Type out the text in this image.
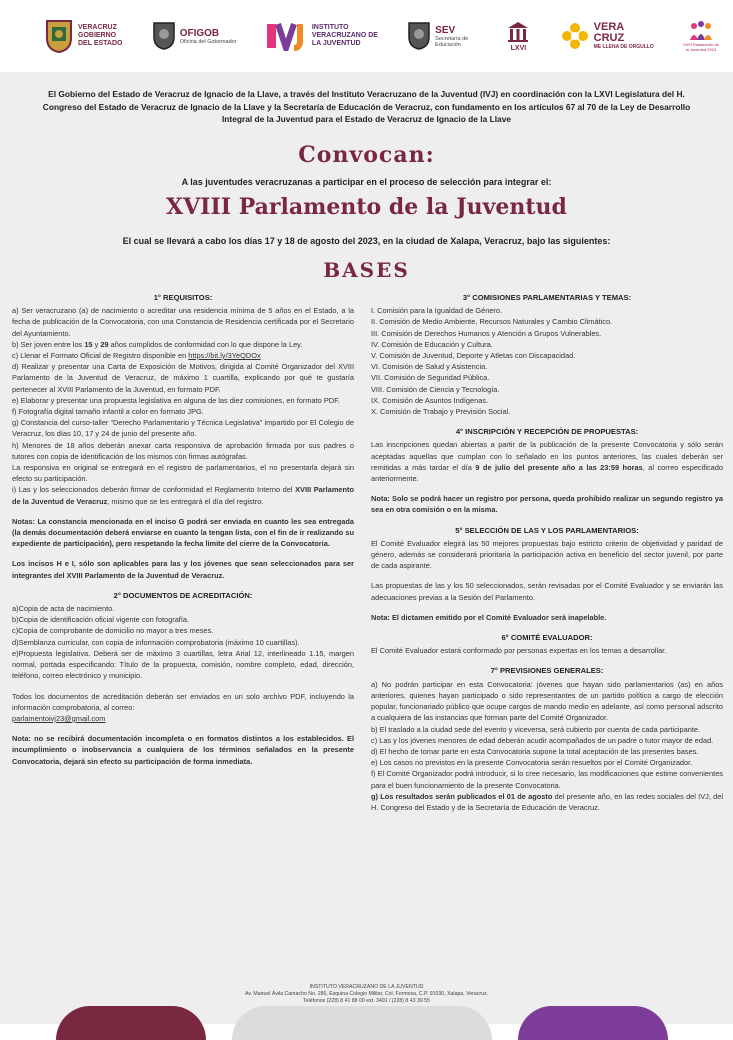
VERACRUZ
GOBIERNO
DEL ESTADO
OFIGOB
Oficina del Gobernador
INSTITUTO
VERACRUZANO DE
LA JUVENTUD
SEV
Secretaría de Educación	LXVI
VERA
CRUZ
ME LLENA DE ORGULLO	XVIII Parlamento de la Juventud 2023
El Gobierno del Estado de Veracruz de Ignacio de la Llave, a través del Instituto Veracruzano de la Juventud (IVJ) en coordinación con la LXVI Legislatura del H. Congreso del Estado de Veracruz de Ignacio de la Llave y la Secretaría de Educación de Veracruz, con fundamento en los artículos 67 al 70 de la Ley de Desarrollo Integral de la Juventud para el Estado de Veracruz de Ignacio de la Llave
Convocan:
A las juventudes veracruzanas a participar en el proceso de selección para integrar el:
XVIII Parlamento de la Juventud
El cual se llevará a cabo los días 17 y 18 de agosto del 2023, en la ciudad de Xalapa, Veracruz, bajo las siguientes:
BASES
1° REQUISITOS:

a) Ser veracruzano (a) de nacimiento o acreditar una residencia mínima de 5 años en el Estado, a la fecha de publicación de la Convocatoria, con una Constancia de Residencia certificada por el Secretario del Ayuntamiento.

b) Ser joven entre los 15 y 29 años cumplidos de conformidad con lo que dispone la Ley.

c) Llenar el Formato Oficial de Registro disponible en https://bit.ly/3YeQDOx

d) Realizar y presentar una Carta de Exposición de Motivos, dirigida al Comité Organizador del XVIII Parlamento de la Juventud de Veracruz, de máximo 1 cuartilla, explicando por qué te gustaría pertenecer al XVIII Parlamento de la Juventud, en formato PDF.

e) Elaborar y presentar una propuesta legislativa en alguna de las diez comisiones, en formato PDF.

f) Fotografía digital tamaño infantil a color en formato JPG.

g) Constancia del curso-taller “Derecho Parlamentario y Técnica Legislativa” impartido por El Colegio de Veracruz, los días 10, 17 y 24 de junio del presente año.

h) Menores de 18 años deberán anexar carta responsiva de aprobación firmada por sus padres o tutores con copia de identificación de los mismos con firmas autógrafas.

La responsiva en original se entregará en el registro de parlamentarios, el no presentarla dejará sin efecto su participación.

i) Las y los seleccionados deberán firmar de conformidad el Reglamento Interno del XVIII Parlamento de la Juventud de Veracruz, mismo que se les entregará el día del registro.

Notas: La constancia mencionada en el inciso G podrá ser enviada en cuanto les sea entregada (la demás documentación deberá enviarse en cuanto la tengan lista, con el fin de ir realizando su expediente de participación), pero respetando la fecha límite del cierre de la Convocatoria.

Los incisos H e I, sólo son aplicables para las y los jóvenes que sean seleccionados para ser integrantes del XVIII Parlamento de la Juventud de Veracruz.

2° DOCUMENTOS DE ACREDITACIÓN:

a)Copia de acta de nacimiento.

b)Copia de identificación oficial vigente con fotografía.

c)Copia de comprobante de domicilio no mayor a tres meses.

d)Semblanza curricular, con copia de información comprobatoria (máximo 10 cuartillas).

e)Propuesta legislativa. Deberá ser de máximo 3 cuartillas, letra Arial 12, interlineado 1.15, margen normal, portada especificando: Título de la propuesta, comisión, nombre completo, edad, dirección, teléfono, correo electrónico y municipio.

Todos los documentos de acreditación deberán ser enviados en un solo archivo PDF, incluyendo la información comprobatoria, al correo:

parlamentoivj23@gmail.com

Nota: no se recibirá documentación incompleta o en formatos distintos a los establecidos. El incumplimiento o inobservancia a cualquiera de los términos señalados en la presente Convocatoria, dejará sin efecto su participación de forma inmediata.

3° COMISIONES PARLAMENTARIAS Y TEMAS:

I. Comisión para la Igualdad de Género.

II. Comisión de Medio Ambiente, Recursos Naturales y Cambio Climático.

III. Comisión de Derechos Humanos y Atención a Grupos Vulnerables.

IV. Comisión de Educación y Cultura.

V. Comisión de Juventud, Deporte y Atletas con Discapacidad.

VI. Comisión de Salud y Asistencia.

VII. Comisión de Seguridad Pública.

VIII. Comisión de Ciencia y Tecnología.

IX. Comisión de Asuntos Indígenas.

X. Comisión de Trabajo y Previsión Social.

4° INSCRIPCIÓN Y RECEPCIÓN DE PROPUESTAS:

Las inscripciones quedan abiertas a partir de la publicación de la presente Convocatoria y sólo serán aceptadas aquellas que cumplan con lo señalado en los puntos anteriores, las cuales deberán ser remitidas a más tardar el día 9 de julio del presente año a las 23:59 horas, al correo especificado anteriormente.

Nota: Solo se podrá hacer un registro por persona, queda prohibido realizar un segundo registro ya sea en otra comisión o en la misma.

5° SELECCIÓN DE LAS Y LOS PARLAMENTARIOS:

El Comité Evaluador elegirá las 50 mejores propuestas bajo estricto criterio de objetividad y paridad de género, además se considerará prioritaria la participación activa en beneficio del sector juvenil, por parte de cada aspirante.

Las propuestas de las y los 50 seleccionados, serán revisadas por el Comité Evaluador y se enviarán las adecuaciones previas a la Sesión del Parlamento.

Nota: El dictamen emitido por el Comité Evaluador será inapelable.

6° COMITÉ EVALUADOR:

El Comité Evaluador estará conformado por personas expertas en los temas a desarrollar.

7° PREVISIONES GENERALES:

a) No podrán participar en esta Convocatoria: jóvenes que hayan sido parlamentarios (as) en años anteriores, quienes hayan participado o sido representantes de un partido político a cargo de elección popular, funcionariado público que ocupe cargos de mando medio en adelante, así como personal adscrito a cualquiera de las instancias que forman parte del Comité Organizador.

b) El traslado a la ciudad sede del evento y viceversa, será cubierto por cuenta de cada participante.

c) Las y los jóvenes menores de edad deberán acudir acompañados de un padre o tutor mayor de edad.

d) El hecho de tomar parte en esta Convocatoria supone la total aceptación de las presentes bases.

e) Los casos no previstos en la presente Convocatoria serán resueltos por el Comité Organizador.

f) El Comité Organizador podrá introducir, si lo cree necesario, las modificaciones que estime convenientes para el buen funcionamiento de la presente Convocatoria.

g) Los resultados serán publicados el 01 de agosto del presente año, en las redes sociales del IVJ, del H. Congreso del Estado y de la Secretaría de Educación de Veracruz.

INSTITUTO VERACRUZANO DE LA JUVENTUD
Av. Manuel Ávila Camacho No. 286, Esquina Colegio Militar, Col. Formosa, C.P. 91030, Xalapa, Veracruz.
Teléfonos (228) 8 41 88 00 ext. 3401 / (228) 8 43 39 55
